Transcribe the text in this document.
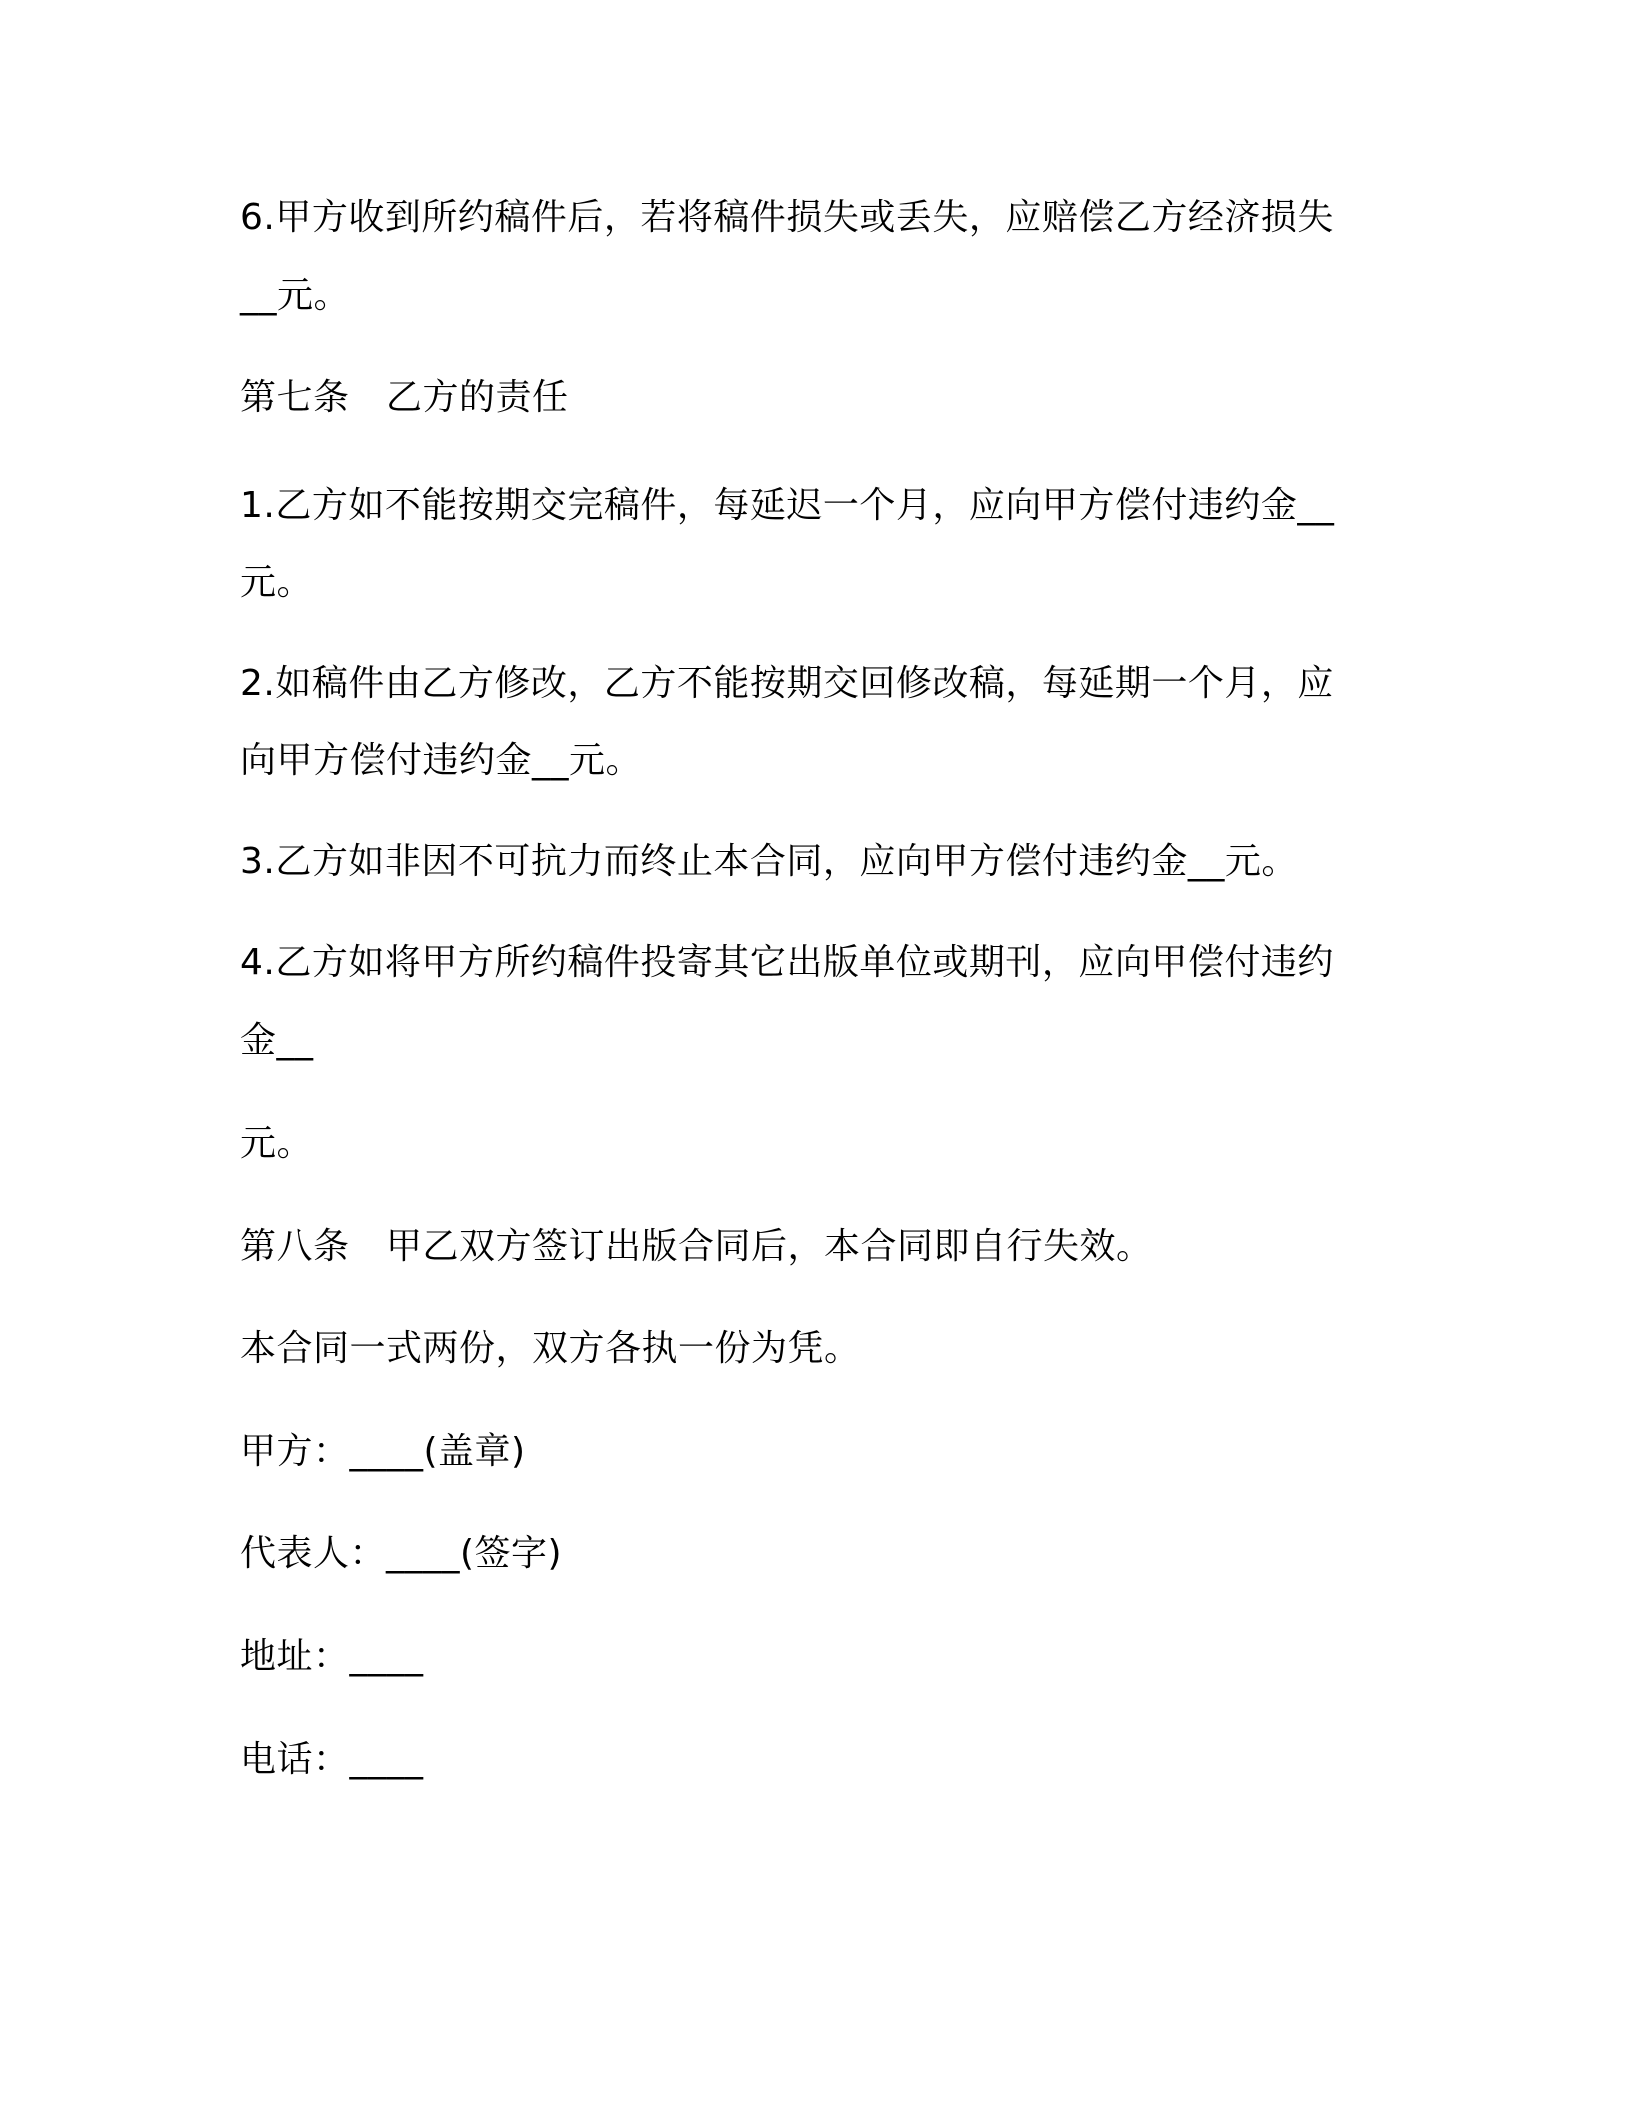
6.甲方收到所约稿件后，若将稿件损失或丢失，应赔偿乙方经济损失
__元。
第七条　乙方的责任
1.乙方如不能按期交完稿件，每延迟一个月，应向甲方偿付违约金__
元。
2.如稿件由乙方修改，乙方不能按期交回修改稿，每延期一个月，应
向甲方偿付违约金__元。
3.乙方如非因不可抗力而终止本合同，应向甲方偿付违约金__元。
4.乙方如将甲方所约稿件投寄其它出版单位或期刊，应向甲偿付违约
金__
元。
第八条　甲乙双方签订出版合同后，本合同即自行失效。
本合同一式两份，双方各执一份为凭。
甲方：____(盖章)
代表人：____(签字)
地址：____
电话：____
